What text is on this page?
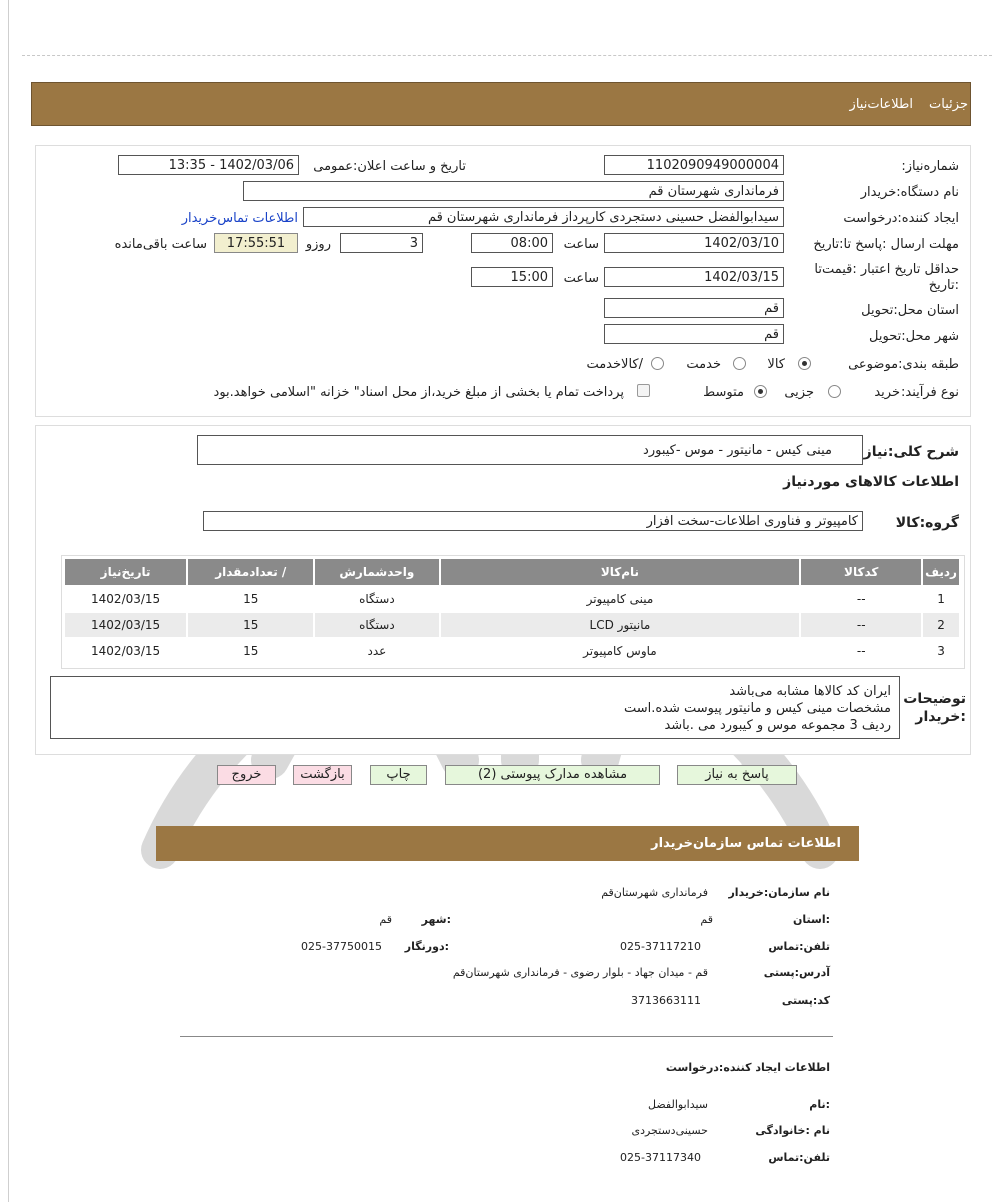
جزئیات
اطلاعات‌نیاز
شماره‌نیاز:
1102090949000004
تاریخ و ساعت اعلان:عمومی
1402/03/06 - 13:35
نام دستگاه:خریدار
فرمانداری شهرستان قم
ایجاد کننده:درخواست
سیدابوالفضل حسینی دستجردی کارپرداز فرمانداری شهرستان قم
اطلاعات تماس‌خریدار
مهلت ارسال :پاسخ تا:تاریخ
1402/03/10
ساعت
08:00
3
روزو
17:55:51
ساعت باقی‌مانده
حداقل تاریخ اعتبار :قیمت‌تا :تاریخ
1402/03/15
ساعت
15:00
استان محل:تحویل
قم
شهر محل:تحویل
قم
طبقه بندی:موضوعی
کالا
خدمت
/کالاخدمت
نوع فرآیند:
خرید
جزیی
متوسط
پرداخت تمام یا بخشی از مبلغ خرید،از محل اسناد" خزانه "اسلامی خواهد.بود
شرح کلی:نیاز
مینی کیس - مانیتور - موس -کیبورد
اطلاعات کالاهای موردنیاز
گروه:کالا
کامپیوتر و فناوری اطلاعات-سخت افزار
ردیف	کدکالا	نام‌کالا	واحدشمارش	/ تعدادمقدار	تاریخ‌نیاز
1	--	مینی کامپیوتر	دستگاه	15	1402/03/15
2	--	مانیتور LCD	دستگاه	15	1402/03/15
3	--	ماوس کامپیوتر	عدد	15	1402/03/15
توضیحات :خریدار
ایران کد کالاها مشابه می‌باشد
مشخصات مینی کیس و مانیتور پیوست شده.است
ردیف 3 مجموعه موس و کیبورد می .باشد
پاسخ به نیاز
مشاهده مدارک پیوستی (2)
چاپ
بازگشت
خروج
اطلاعات تماس سازمان‌خریدار
نام سازمان:خریدار
فرمانداری شهرستان‌قم
:استان
قم
:شهر
قم
تلفن:تماس
025-37117210
:دورنگار
025-37750015
آدرس:پستی
قم - میدان جهاد - بلوار رضوی - فرمانداری شهرستان‌قم
کد:پستی
3713663111
اطلاعات ایجاد کننده:درخواست
:نام
سیدابوالفضل
نام :خانوادگی
حسینی‌دستجردی
تلفن:تماس
025-37117340
